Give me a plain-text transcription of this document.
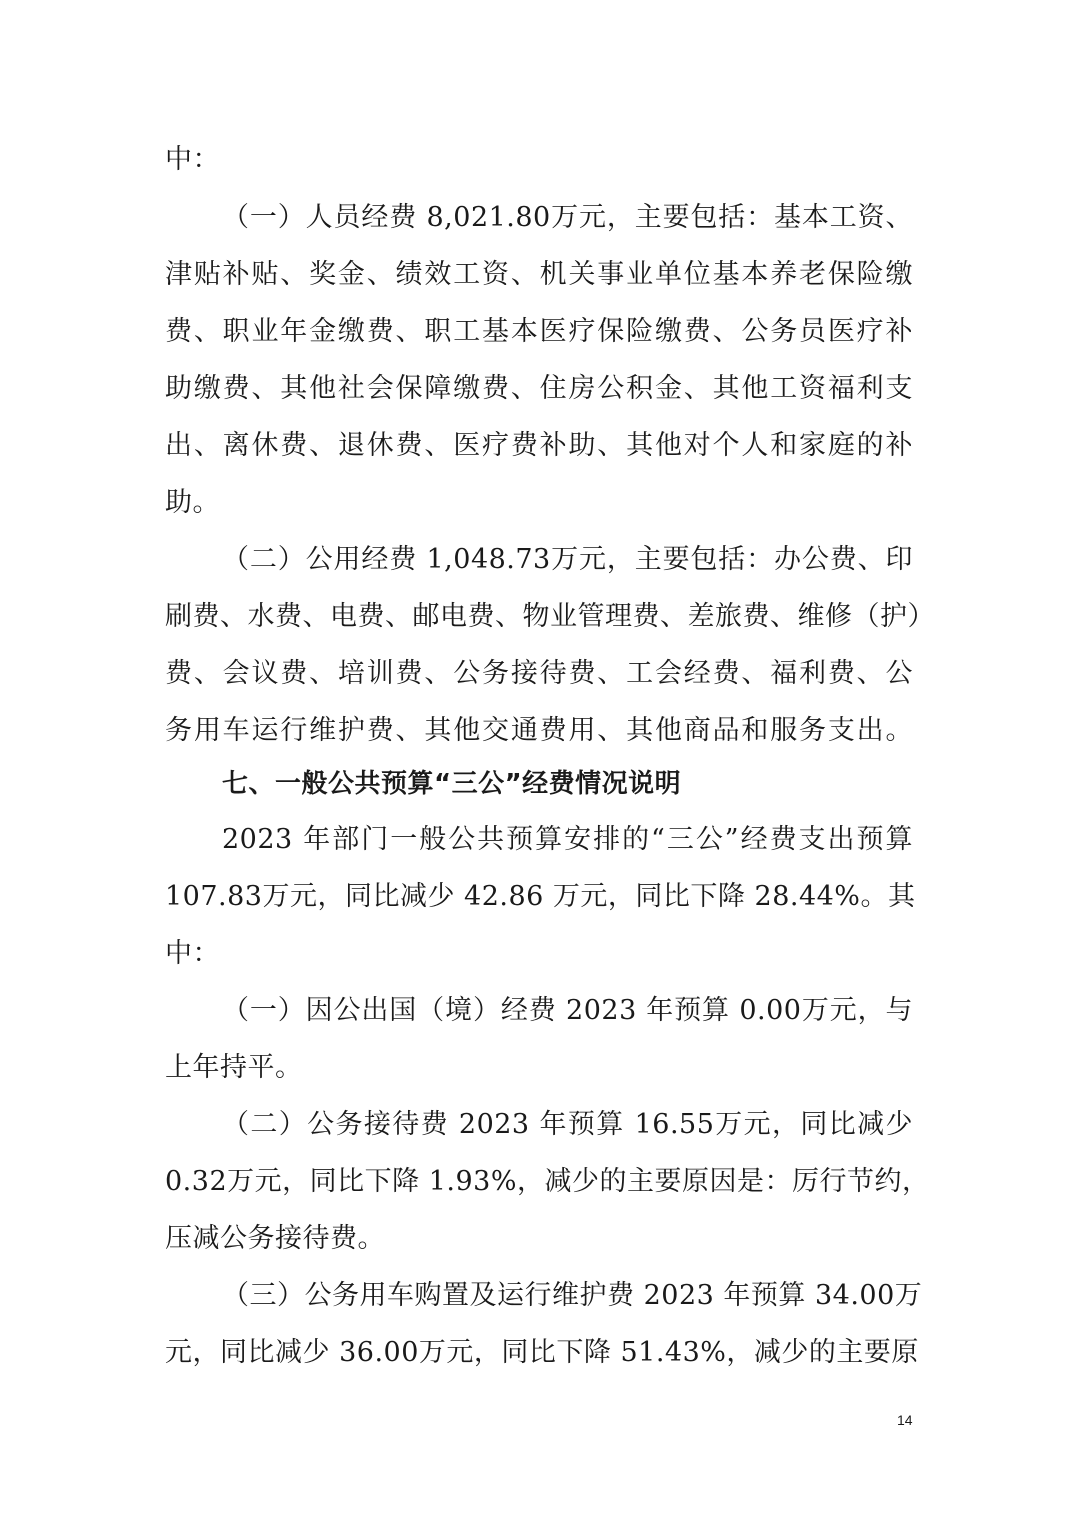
中：
（一）人员经费 8,021.80万元，主要包括：基本工资、
津贴补贴、奖金、绩效工资、机关事业单位基本养老保险缴
费、职业年金缴费、职工基本医疗保险缴费、公务员医疗补
助缴费、其他社会保障缴费、住房公积金、其他工资福利支
出、离休费、退休费、医疗费补助、其他对个人和家庭的补
助。
（二）公用经费 1,048.73万元，主要包括：办公费、印
刷费、水费、电费、邮电费、物业管理费、差旅费、维修（护）
费、会议费、培训费、公务接待费、工会经费、福利费、公
务用车运行维护费、其他交通费用、其他商品和服务支出。
七、一般公共预算“三公”经费情况说明
2023 年部门一般公共预算安排的“三公”经费支出预算
107.83万元，同比减少 42.86 万元，同比下降 28.44%。其
中：
（一）因公出国（境）经费 2023 年预算 0.00万元，与
上年持平。
（二）公务接待费 2023 年预算 16.55万元，同比减少
0.32万元，同比下降 1.93%，减少的主要原因是：厉行节约，
压减公务接待费。
（三）公务用车购置及运行维护费 2023 年预算 34.00万
元，同比减少 36.00万元，同比下降 51.43%，减少的主要原
14
